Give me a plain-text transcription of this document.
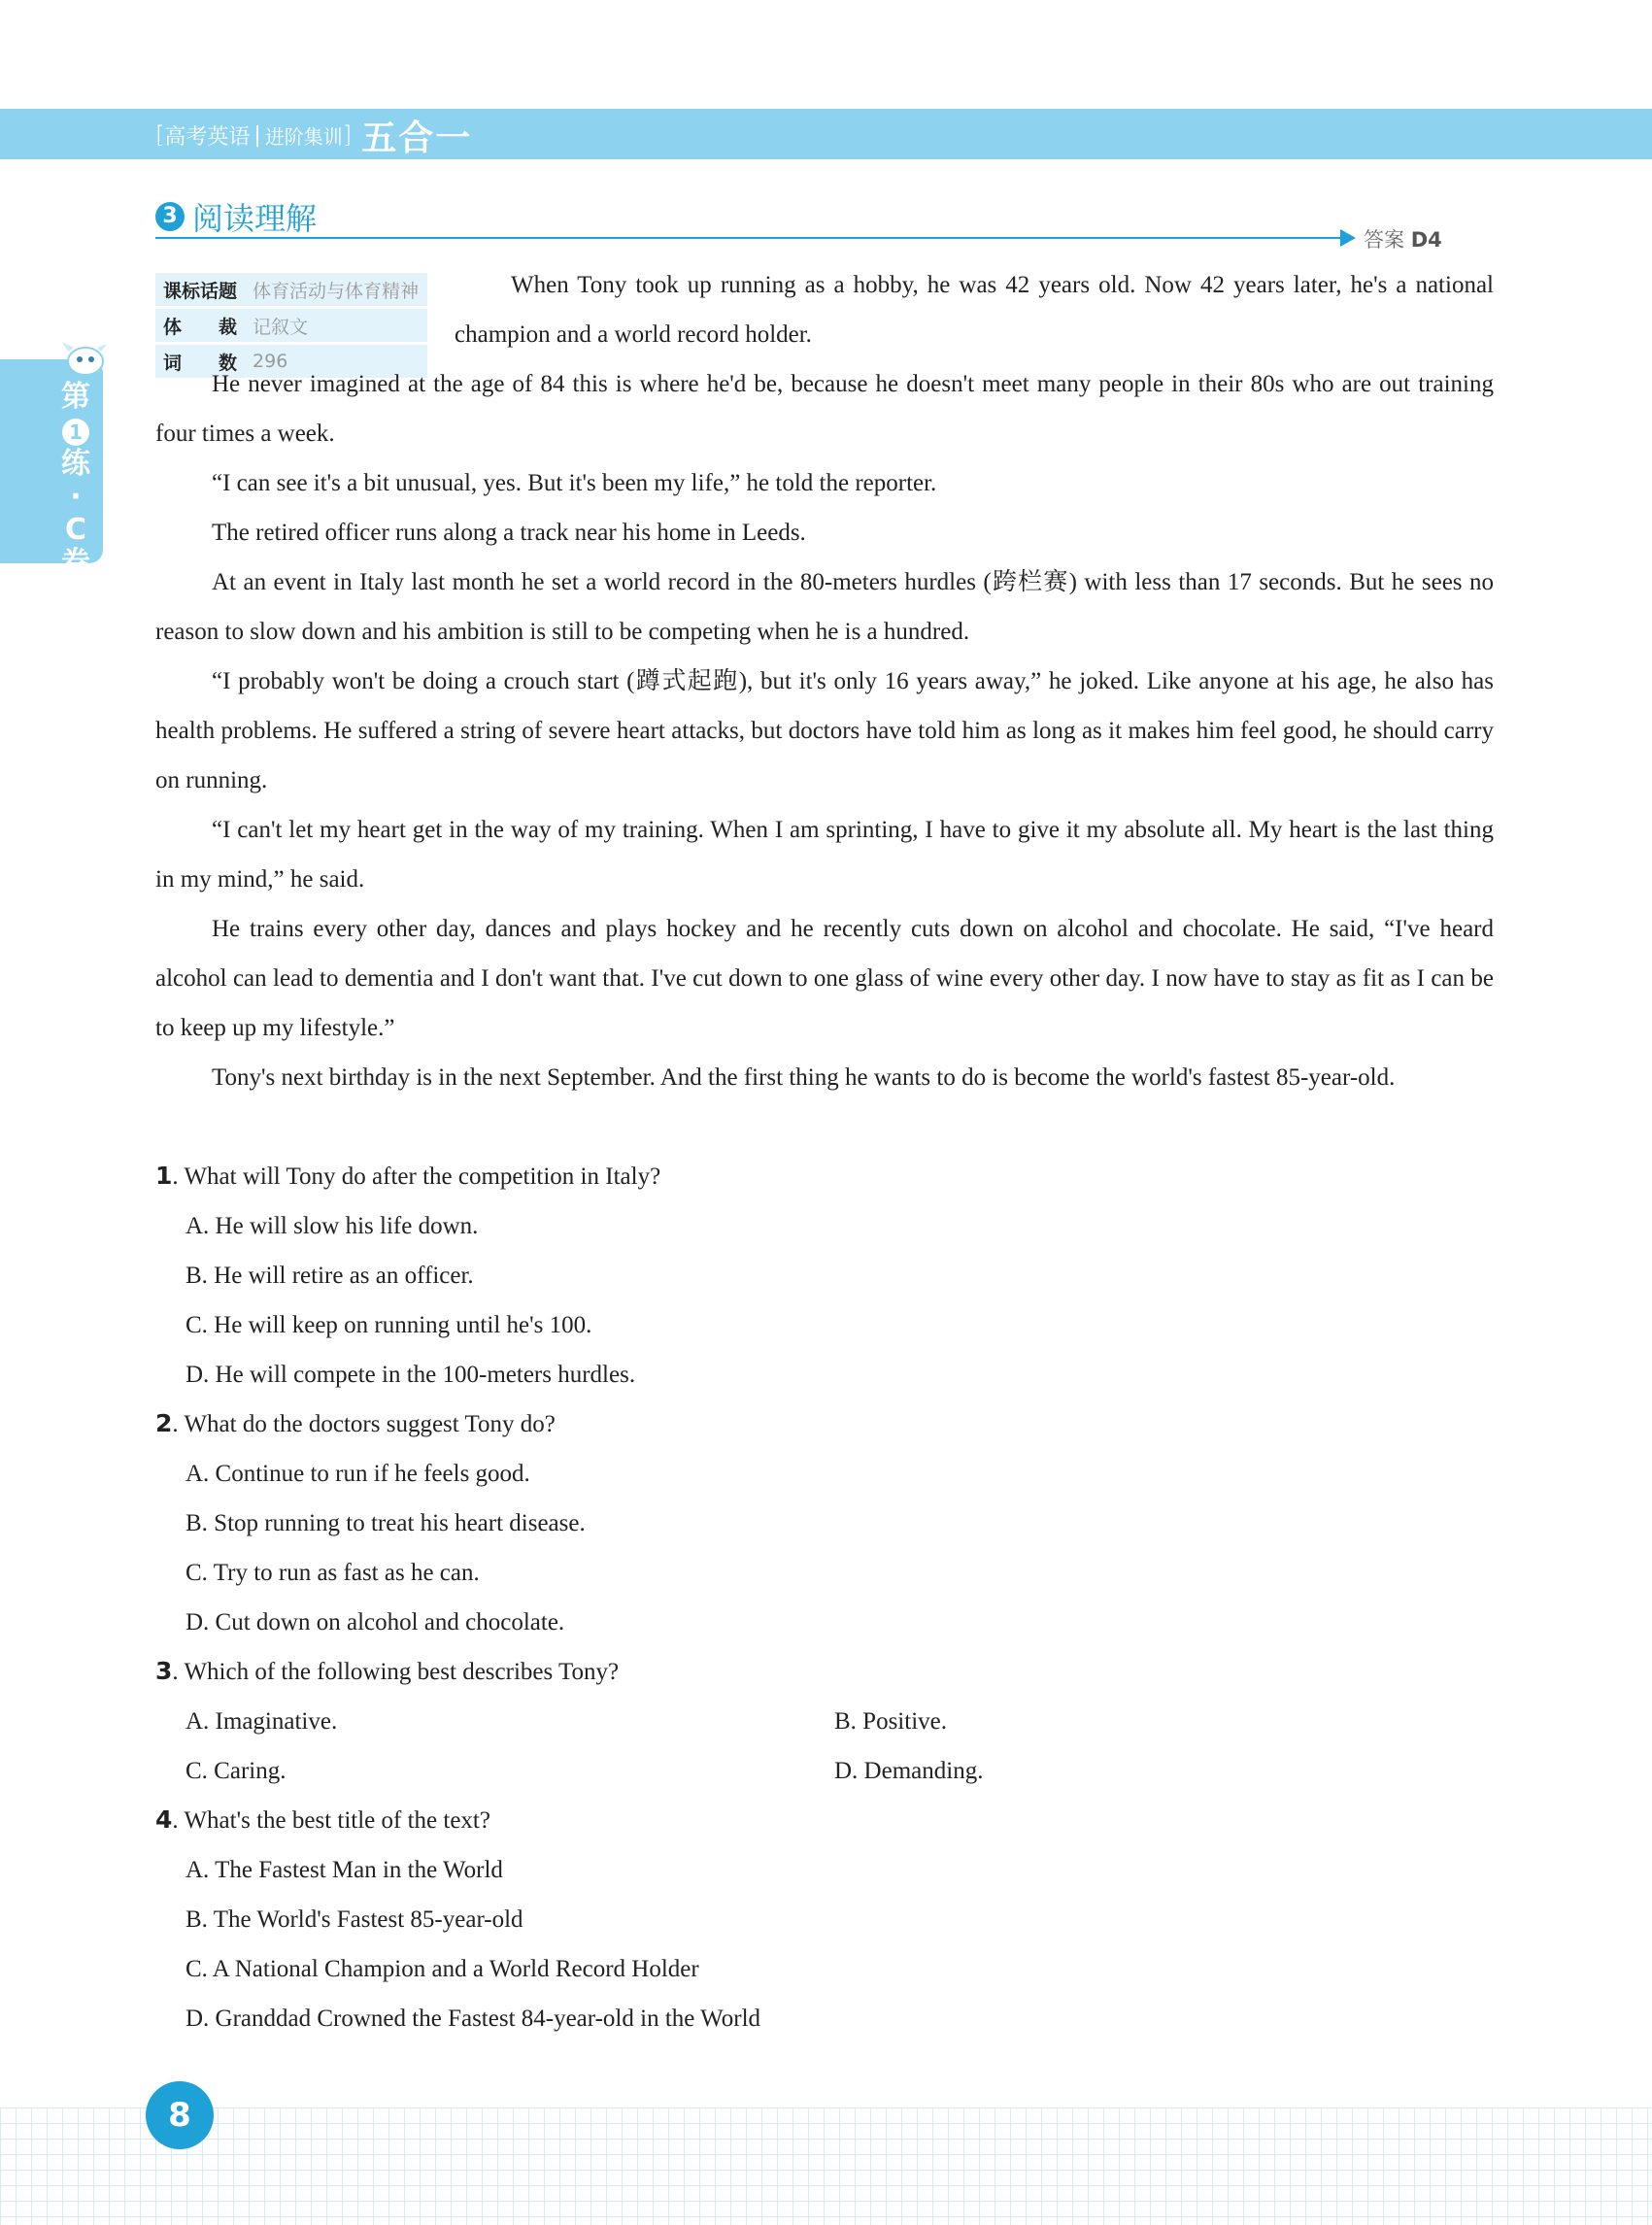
[ 高考英语 | 进阶集训 ] 五合一
第
1
练
·
C
卷
3 阅读理解
答案 D4
课标话题	体育活动与体育精神
体　　裁	记叙文
词　　数	296

When Tony took up running as a hobby, he was 42 years old. Now 42 years later, he's a national champion and a world record holder.

He never imagined at the age of 84 this is where he'd be, because he doesn't meet many people in their 80s who are out training four times a week.

“I can see it's a bit unusual, yes. But it's been my life,” he told the reporter.

The retired officer runs along a track near his home in Leeds.

At an event in Italy last month he set a world record in the 80-meters hurdles (跨栏赛) with less than 17 seconds. But he sees no reason to slow down and his ambition is still to be competing when he is a hundred.

“I probably won't be doing a crouch start (蹲式起跑), but it's only 16 years away,” he joked. Like anyone at his age, he also has health problems. He suffered a string of severe heart attacks, but doctors have told him as long as it makes him feel good, he should carry on running.

“I can't let my heart get in the way of my training. When I am sprinting, I have to give it my absolute all. My heart is the last thing in my mind,” he said.

He trains every other day, dances and plays hockey and he recently cuts down on alcohol and chocolate. He said, “I've heard alcohol can lead to dementia and I don't want that. I've cut down to one glass of wine every other day. I now have to stay as fit as I can be to keep up my lifestyle.”

Tony's next birthday is in the next September. And the first thing he wants to do is become the world's fastest 85-year-old.

1. What will Tony do after the competition in Italy?
A. He will slow his life down.
B. He will retire as an officer.
C. He will keep on running until he's 100.
D. He will compete in the 100-meters hurdles.
2. What do the doctors suggest Tony do?
A. Continue to run if he feels good.
B. Stop running to treat his heart disease.
C. Try to run as fast as he can.
D. Cut down on alcohol and chocolate.
3. Which of the following best describes Tony?
A. Imaginative.	B. Positive.
C. Caring.	D. Demanding.
4. What's the best title of the text?
A. The Fastest Man in the World
B. The World's Fastest 85-year-old
C. A National Champion and a World Record Holder
D. Granddad Crowned the Fastest 84-year-old in the World
8
